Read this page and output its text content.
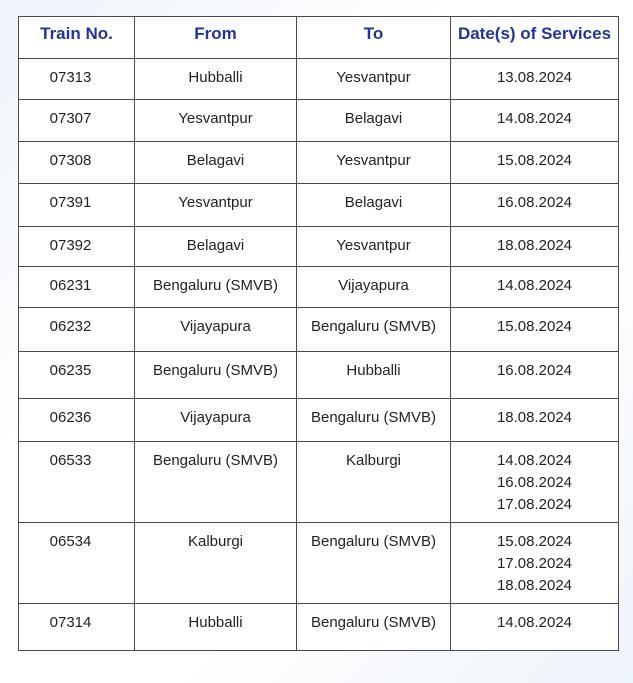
Train No.	From	To	Date(s) of Services
07313	Hubballi	Yesvantpur	13.08.2024

07307	Yesvantpur	Belagavi	14.08.2024

07308	Belagavi	Yesvantpur	15.08.2024

07391	Yesvantpur	Belagavi	16.08.2024

07392	Belagavi	Yesvantpur	18.08.2024

06231	Bengaluru (SMVB)	Vijayapura	14.08.2024

06232	Vijayapura	Bengaluru (SMVB)	15.08.2024

06235	Bengaluru (SMVB)	Hubballi	16.08.2024

06236	Vijayapura	Bengaluru (SMVB)	18.08.2024

06533	Bengaluru (SMVB)	Kalburgi	14.08.2024
16.08.2024
17.08.2024

06534	Kalburgi	Bengaluru (SMVB)	15.08.2024
17.08.2024
18.08.2024

07314	Hubballi	Bengaluru (SMVB)	14.08.2024
